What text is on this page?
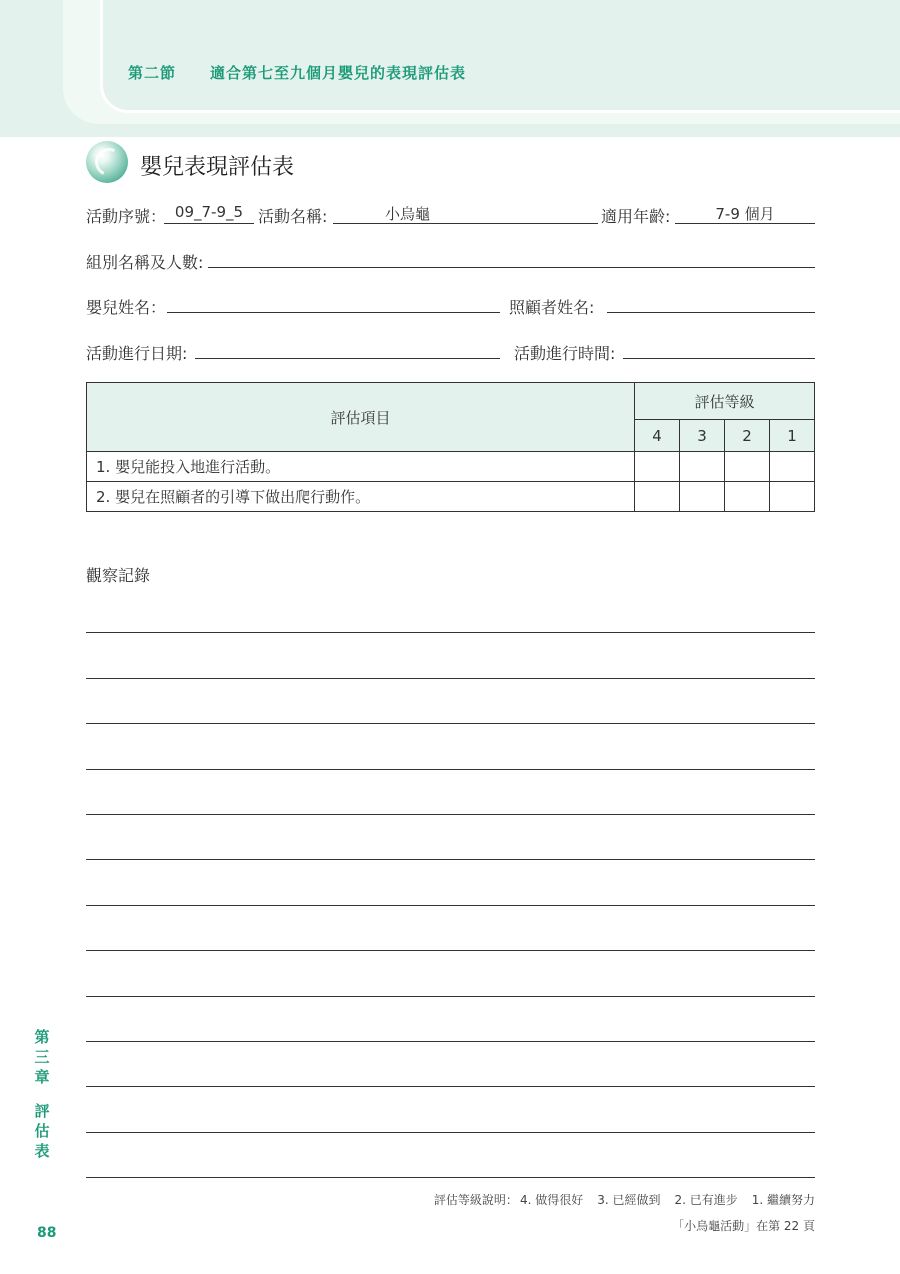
第二節 適合第七至九個月嬰兒的表現評估表
嬰兒表現評估表
活動序號： 09_7-9_5 活動名稱:	小烏龜	適用年齡:	7-9 個月
組別名稱及人數:
嬰兒姓名：	照顧者姓名:
活動進行日期:	活動進行時間:
評估項目	評估等級			
	4	3	2	1
1. 嬰兒能投入地進行活動。				
2. 嬰兒在照顧者的引導下做出爬行動作。				
觀察記錄
評估等級說明： 4. 做得很好 3. 已經做到 2. 已有進步 1. 繼續努力
「小烏龜活動」在第 22 頁
第
三
章
評
估
表
88
